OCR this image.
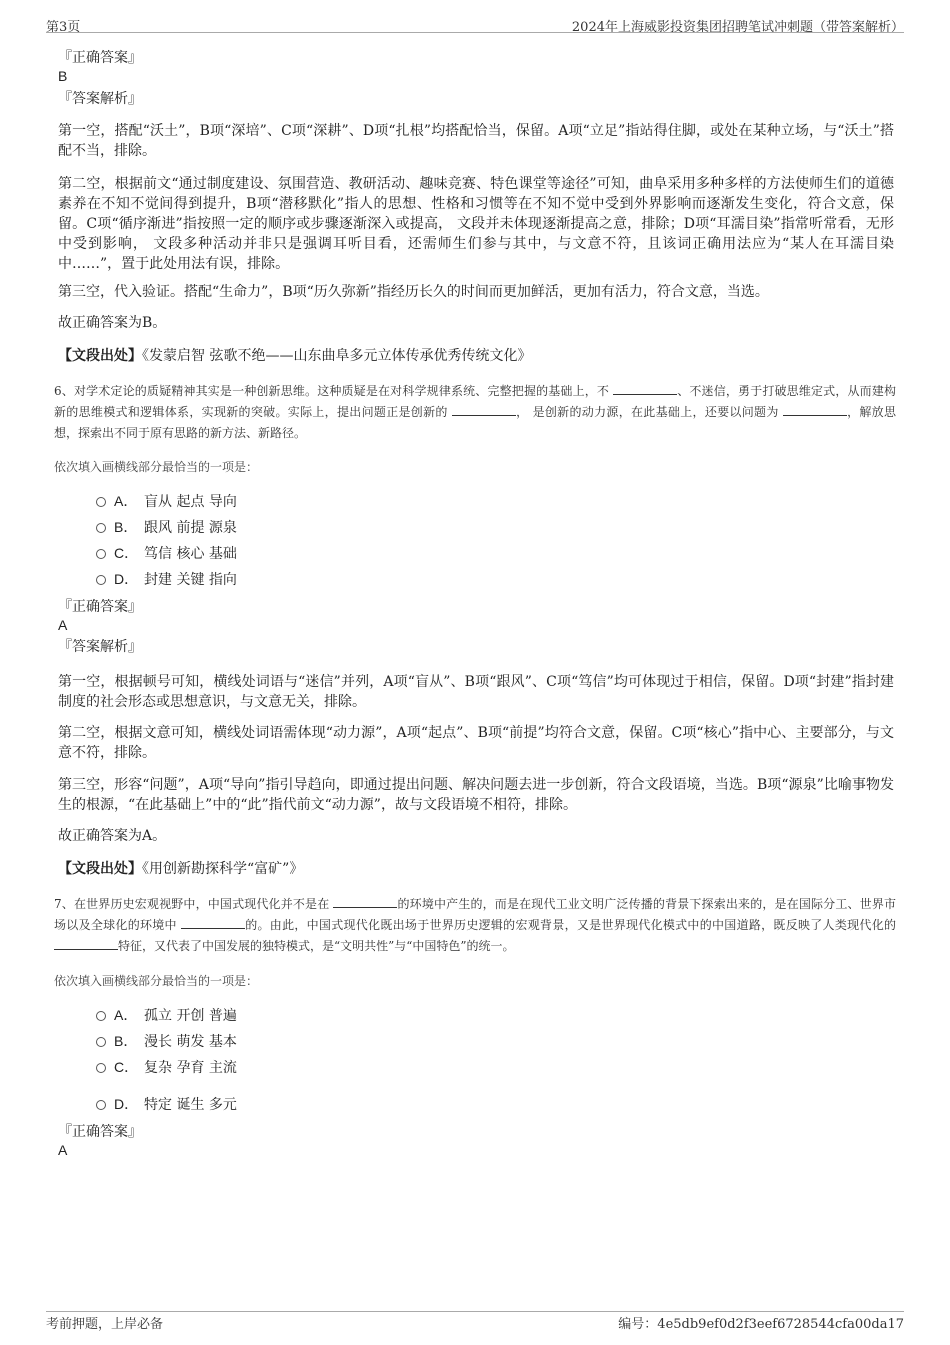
第3页	2024年上海威影投资集团招聘笔试冲刺题（带答案解析）
『正确答案』
B
『答案解析』
第一空，搭配“沃土”，B项“深培”、C项“深耕”、D项“扎根”均搭配恰当，保留。A项“立足”指站得住脚，或处在某种立场，与“沃土”搭配不当，排除。
第二空，根据前文“通过制度建设、氛围营造、教研活动、趣味竞赛、特色课堂等途径”可知，曲阜采用多种多样的方法使师生们的道德素养在不知不觉间得到提升，B项“潜移默化”指人的思想、性格和习惯等在不知不觉中受到外界影响而逐渐发生变化，符合文意，保留。C项“循序渐进”指按照一定的顺序或步骤逐渐深入或提高， 文段并未体现逐渐提高之意，排除；D项“耳濡目染”指常听常看，无形中受到影响， 文段多种活动并非只是强调耳听目看，还需师生们参与其中，与文意不符，且该词正确用法应为“某人在耳濡目染中……”，置于此处用法有误，排除。
第三空，代入验证。搭配“生命力”，B项“历久弥新”指经历长久的时间而更加鲜活，更加有活力，符合文意，当选。
故正确答案为B。
【文段出处】《发蒙启智 弦歌不绝——山东曲阜多元立体传承优秀传统文化》
6、对学术定论的质疑精神其实是一种创新思维。这种质疑是在对科学规律系统、完整把握的基础上，不	、不迷信，勇于打破思维定式，从而建构新的思维模式和逻辑体系，实现新的突破。实际上，提出问题正是创新的	， 是创新的动力源，在此基础上，还要以问题为	，解放思想，探索出不同于原有思路的新方法、新路径。
依次填入画横线部分最恰当的一项是：
A． 盲从 起点 导向
B． 跟风 前提 源泉
C． 笃信 核心 基础
D． 封建 关键 指向
『正确答案』
A
『答案解析』
第一空，根据顿号可知，横线处词语与“迷信”并列，A项“盲从”、B项“跟风”、C项“笃信”均可体现过于相信，保留。D项“封建”指封建制度的社会形态或思想意识，与文意无关，排除。
第二空，根据文意可知，横线处词语需体现“动力源”，A项“起点”、B项“前提”均符合文意，保留。C项“核心”指中心、主要部分，与文意不符，排除。
第三空，形容“问题”，A项“导向”指引导趋向，即通过提出问题、解决问题去进一步创新，符合文段语境，当选。B项“源泉”比喻事物发生的根源，“在此基础上”中的“此”指代前文“动力源”，故与文段语境不相符，排除。
故正确答案为A。
【文段出处】《用创新勘探科学“富矿”》
7、在世界历史宏观视野中，中国式现代化并不是在	的环境中产生的，而是在现代工业文明广泛传播的背景下探索出来的，是在国际分工、世界市场以及全球化的环境中	的。由此，中国式现代化既出场于世界历史逻辑的宏观背景，又是世界现代化模式中的中国道路，既反映了人类现代化的 特征，又代表了中国发展的独特模式，是“文明共性”与“中国特色”的统一。
依次填入画横线部分最恰当的一项是：
A． 孤立 开创 普遍
B． 漫长 萌发 基本
C． 复杂 孕育 主流
D． 特定 诞生 多元
『正确答案』
A
考前押题，上岸必备	编号：4e5db9ef0d2f3eef6728544cfa00da17
